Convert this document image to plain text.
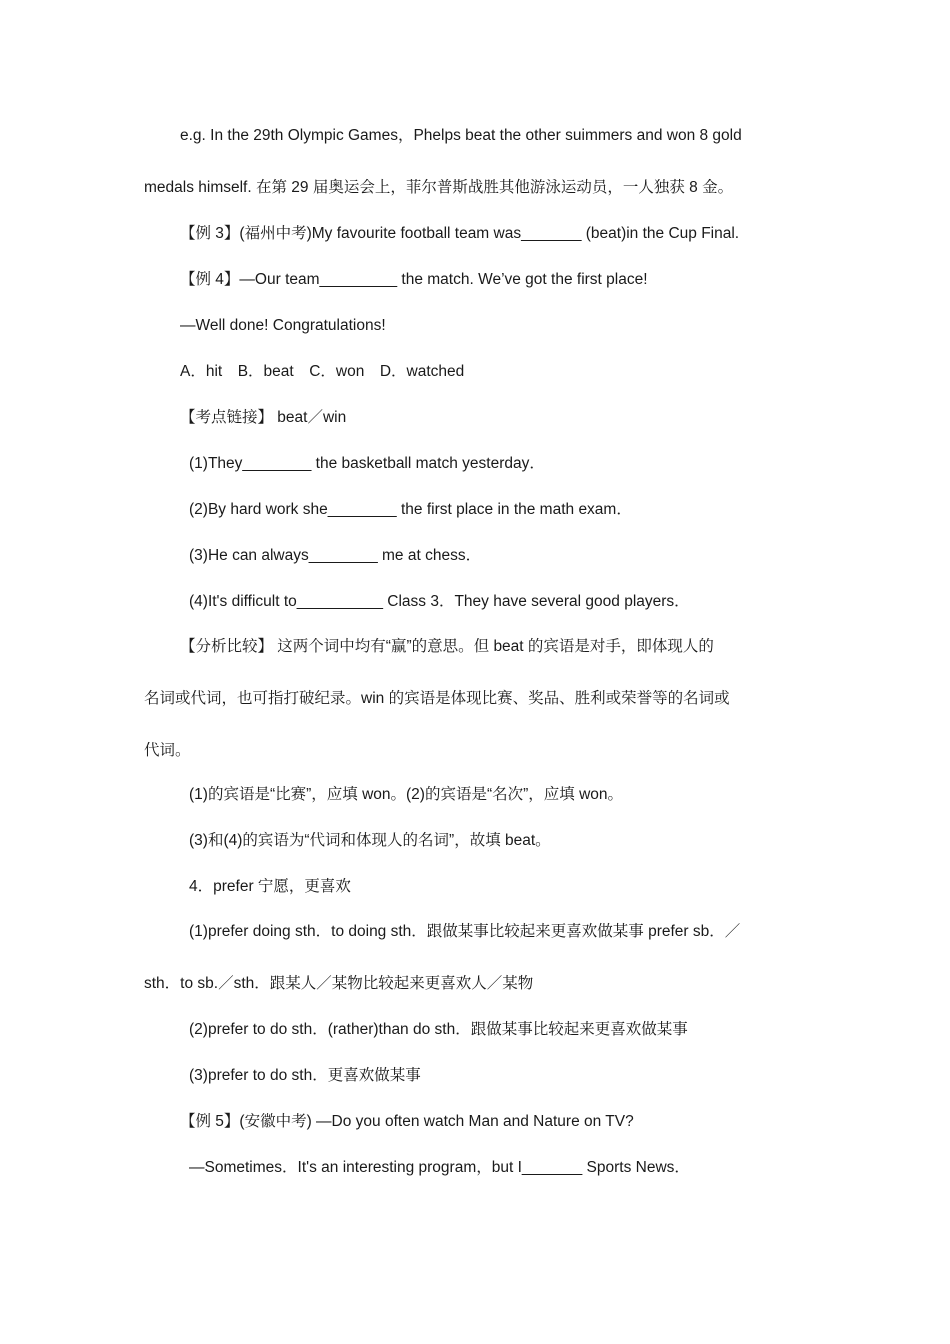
e.g. In the 29th Olympic Games，Phelps beat the other suimmers and won 8 gold
medals himself. 在第 29 届奥运会上，菲尔普斯战胜其他游泳运动员，一人独获 8 金。
【例 3】(福州中考)My favourite football team was_______ (beat)in the Cup Final.
【例 4】—Our team_________ the match. We’ve got the first place!
—Well done! Congratulations!
A．hit　B．beat　C．won　D．watched
【考点链接】 beat／win
(1)They________ the basketball match yesterday．
(2)By hard work she________ the first place in the math exam．
(3)He can always________ me at chess．
(4)It's difficult to__________ Class 3．They have several good players．
【分析比较】 这两个词中均有“赢”的意思。但 beat 的宾语是对手，即体现人的
名词或代词，也可指打破纪录。win 的宾语是体现比赛、奖品、胜利或荣誉等的名词或
代词。
(1)的宾语是“比赛”，应填 won。(2)的宾语是“名次”，应填 won。
(3)和(4)的宾语为“代词和体现人的名词”，故填 beat。
4．prefer 宁愿，更喜欢
(1)prefer doing sth．to doing sth．跟做某事比较起来更喜欢做某事 prefer sb．／
sth．to sb.／sth．跟某人／某物比较起来更喜欢人／某物
(2)prefer to do sth．(rather)than do sth．跟做某事比较起来更喜欢做某事
(3)prefer to do sth．更喜欢做某事
【例 5】(安徽中考) —Do you often watch Man and Nature on TV?
—Sometimes．It's an interesting program，but I_______ Sports News．
